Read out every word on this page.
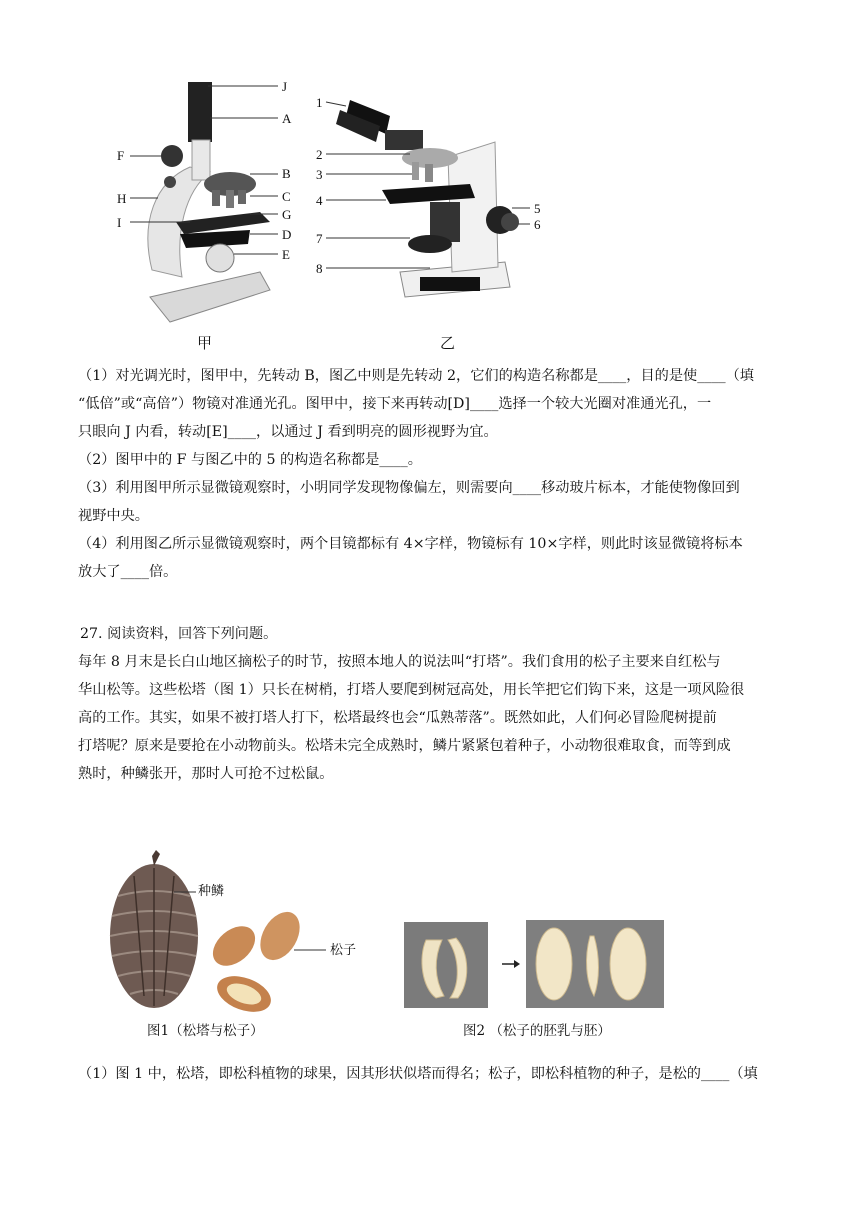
J
A
F
B
H	C
G
I
D
E
1
2
3
4
5
6
7
8
甲	乙

（1）对光调光时，图甲中，先转动 B，图乙中则是先转动 2，它们的构造名称都是____，目的是使____（填

“低倍”或“高倍”）物镜对准通光孔。图甲中，接下来再转动[D]____选择一个较大光圈对准通光孔，一

只眼向 J 内看，转动[E]____，以通过 J 看到明亮的圆形视野为宜。

（2）图甲中的 F 与图乙中的 5 的构造名称都是____。

（3）利用图甲所示显微镜观察时，小明同学发现物像偏左，则需要向____移动玻片标本，才能使物像回到

视野中央。

（4）利用图乙所示显微镜观察时，两个目镜都标有 4×字样，物镜标有 10×字样，则此时该显微镜将标本

放大了____倍。

27. 阅读资料，回答下列问题。

每年 8 月末是长白山地区摘松子的时节，按照本地人的说法叫“打塔”。我们食用的松子主要来自红松与

华山松等。这些松塔（图 1）只长在树梢，打塔人要爬到树冠高处，用长竿把它们钩下来，这是一项风险很

高的工作。其实，如果不被打塔人打下，松塔最终也会“瓜熟蒂落”。既然如此，人们何必冒险爬树提前

打塔呢？原来是要抢在小动物前头。松塔未完全成熟时，鳞片紧紧包着种子，小动物很难取食，而等到成

熟时，种鳞张开，那时人可抢不过松鼠。

种鳞
松子
图1（松塔与松子）	图2 （松子的胚乳与胚）

（1）图 1 中，松塔，即松科植物的球果，因其形状似塔而得名；松子，即松科植物的种子，是松的____（填
